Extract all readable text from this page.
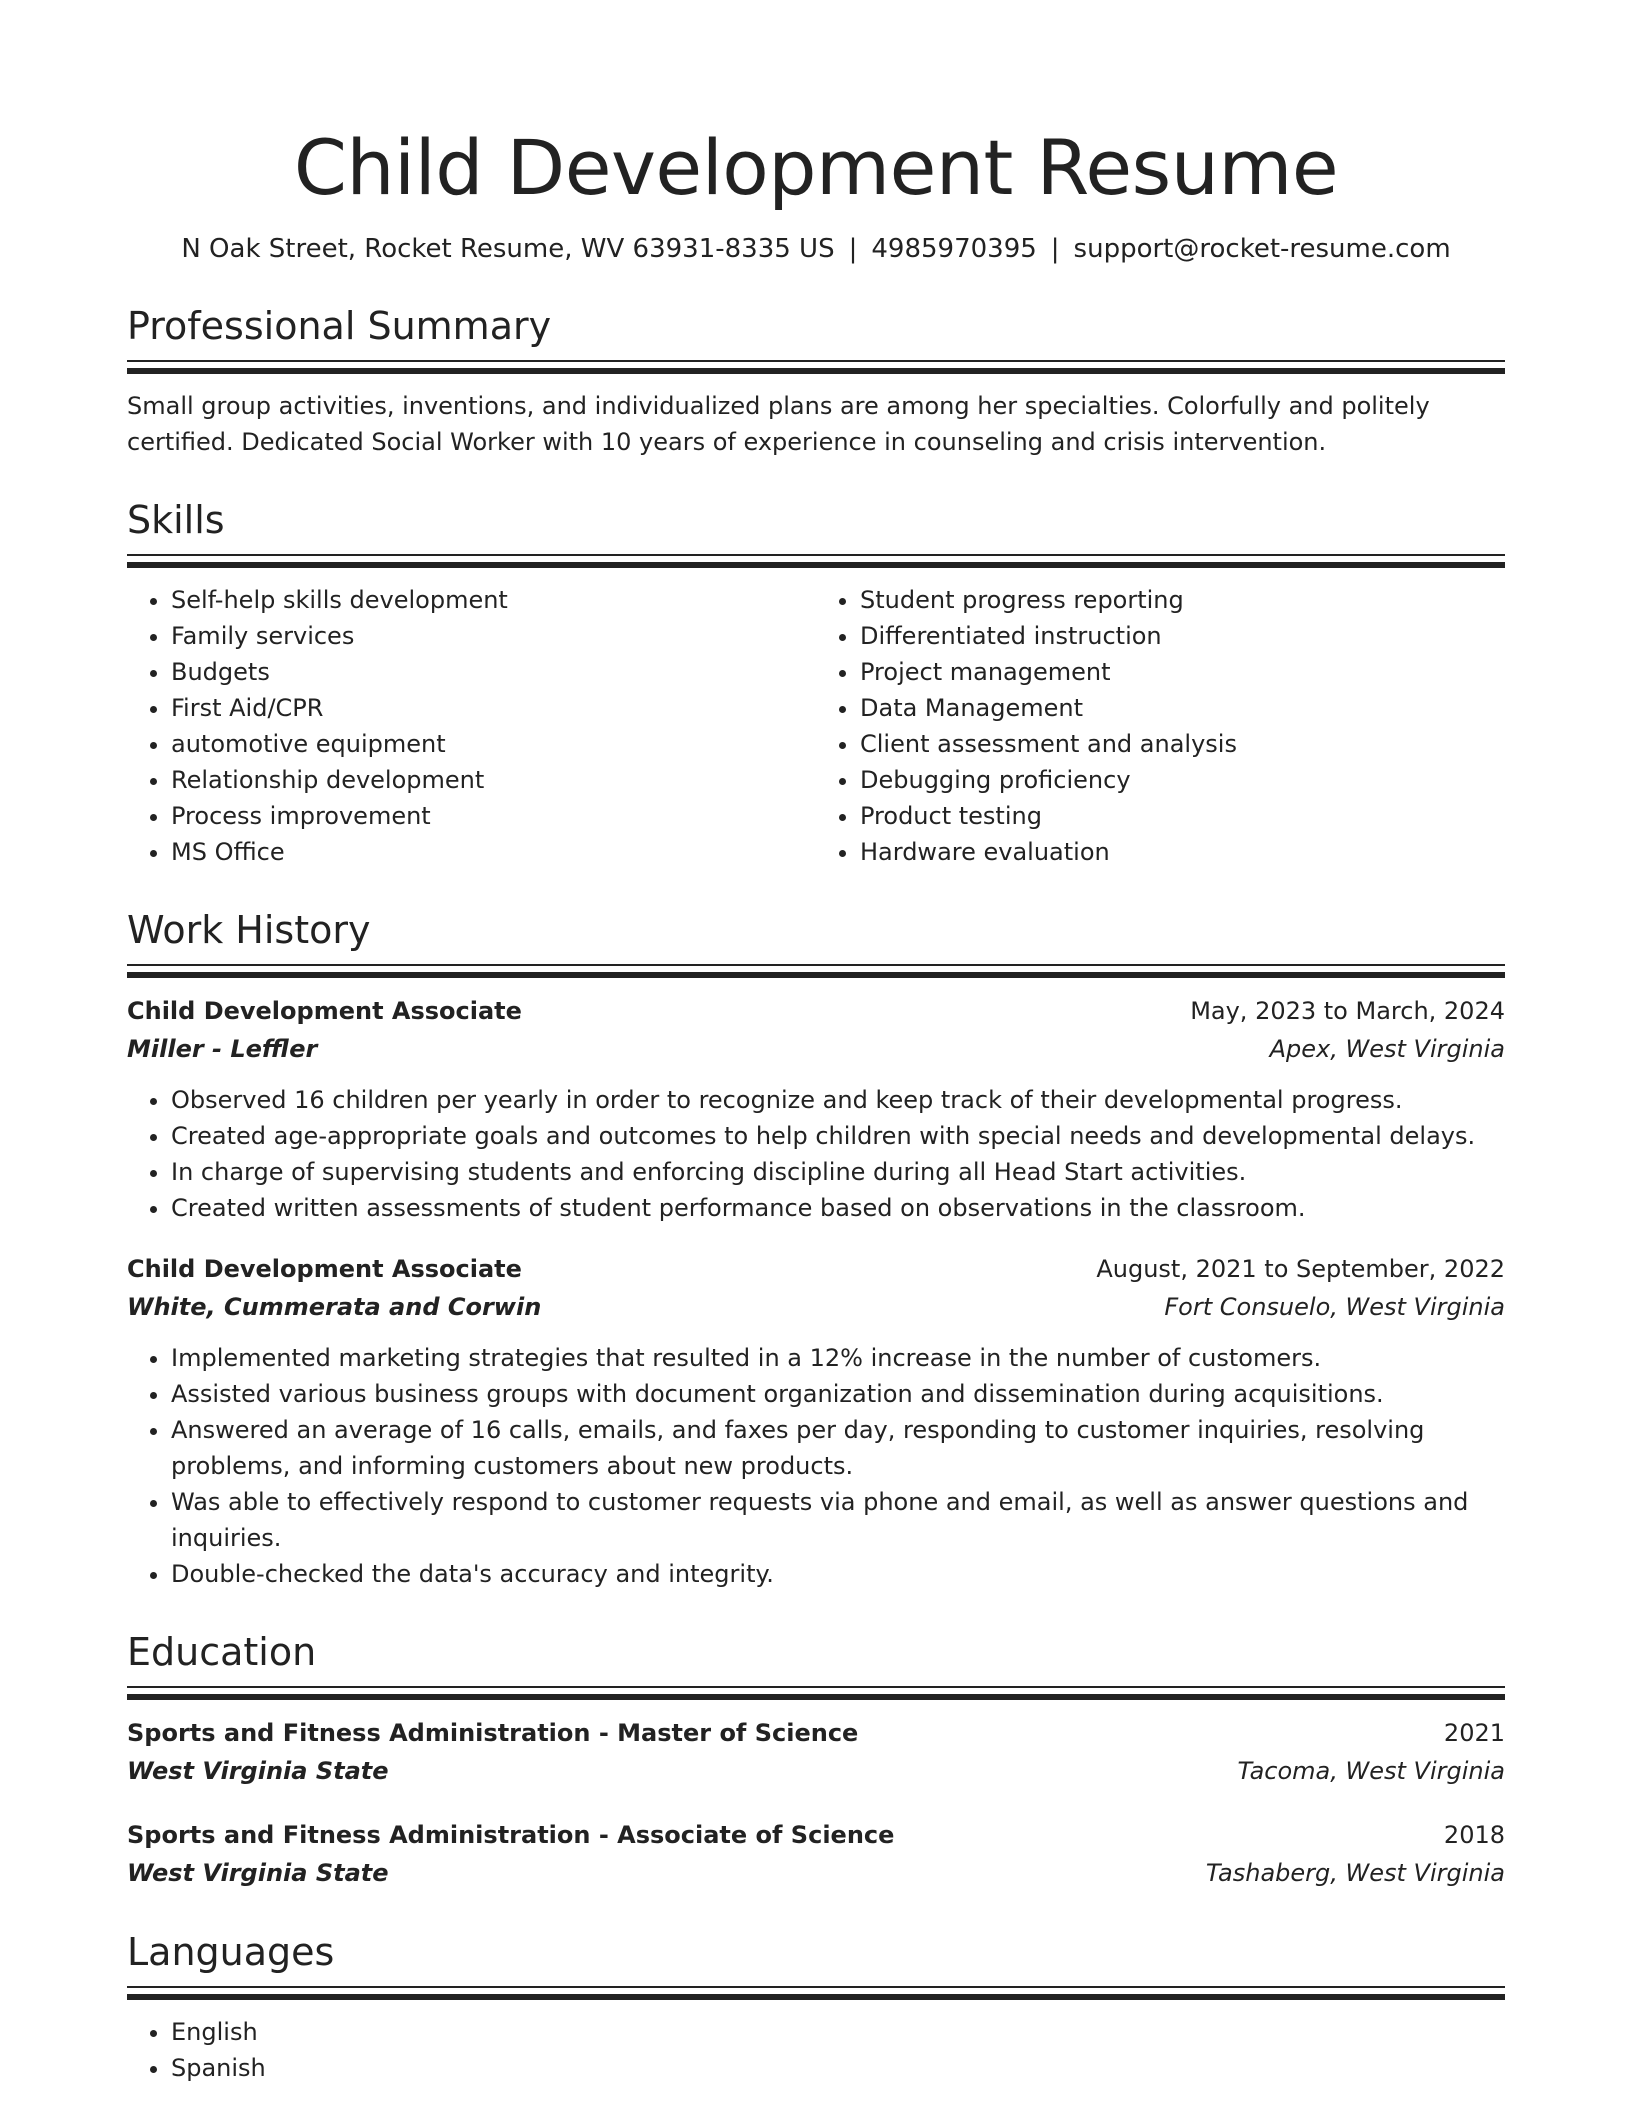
Child Development Resume
N Oak Street, Rocket Resume, WV 63931-8335 US | 4985970395 | support@rocket-resume.com
Professional Summary
Small group activities, inventions, and individualized plans are among her specialties. Colorfully and politely certified. Dedicated Social Worker with 10 years of experience in counseling and crisis intervention.
Skills
• Self-help skills development
• Family services
• Budgets
• First Aid/CPR
• automotive equipment
• Relationship development
• Process improvement
• MS Office
• Student progress reporting
• Differentiated instruction
• Project management
• Data Management
• Client assessment and analysis
• Debugging proficiency
• Product testing
• Hardware evaluation
Work History
Child Development Associate	May, 2023 to March, 2024
Miller - Leffler	Apex, West Virginia
• Observed 16 children per yearly in order to recognize and keep track of their developmental progress.
• Created age-appropriate goals and outcomes to help children with special needs and developmental delays.
• In charge of supervising students and enforcing discipline during all Head Start activities.
• Created written assessments of student performance based on observations in the classroom.
Child Development Associate	August, 2021 to September, 2022
White, Cummerata and Corwin	Fort Consuelo, West Virginia
• Implemented marketing strategies that resulted in a 12% increase in the number of customers.
• Assisted various business groups with document organization and dissemination during acquisitions.
• Answered an average of 16 calls, emails, and faxes per day, responding to customer inquiries, resolving problems, and informing customers about new products.
• Was able to effectively respond to customer requests via phone and email, as well as answer questions and inquiries.
• Double-checked the data's accuracy and integrity.
Education
Sports and Fitness Administration - Master of Science	2021
West Virginia State	Tacoma, West Virginia
Sports and Fitness Administration - Associate of Science	2018
West Virginia State	Tashaberg, West Virginia
Languages
• English
• Spanish
